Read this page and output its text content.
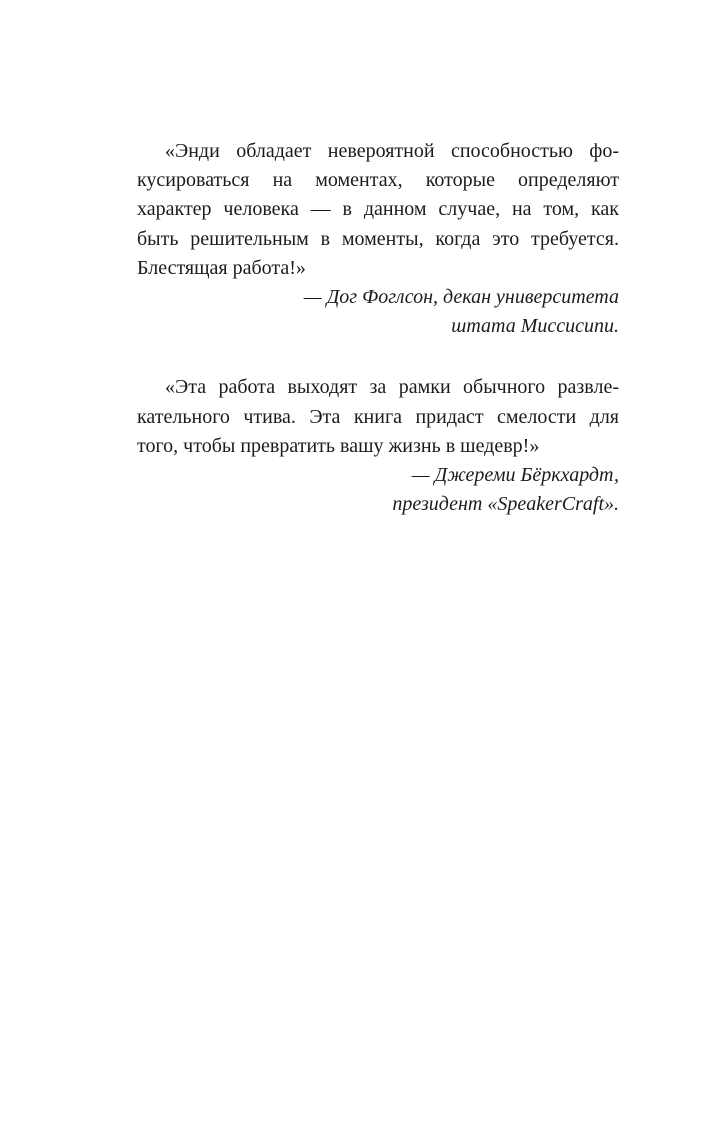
«Энди обладает невероятной способностью фо-
кусироваться на моментах, которые определяют
характер человека — в данном случае, на том, как
быть решительным в моменты, когда это требуется.
Блестящая работа!»

— Дог Фоглсон, декан университета
штата Миссисипи.

«Эта работа выходят за рамки обычного развле-
кательного чтива. Эта книга придаст смелости для
того, чтобы превратить вашу жизнь в шедевр!»

— Джереми Бёркхардт,
президент «SpeakerCraft».
